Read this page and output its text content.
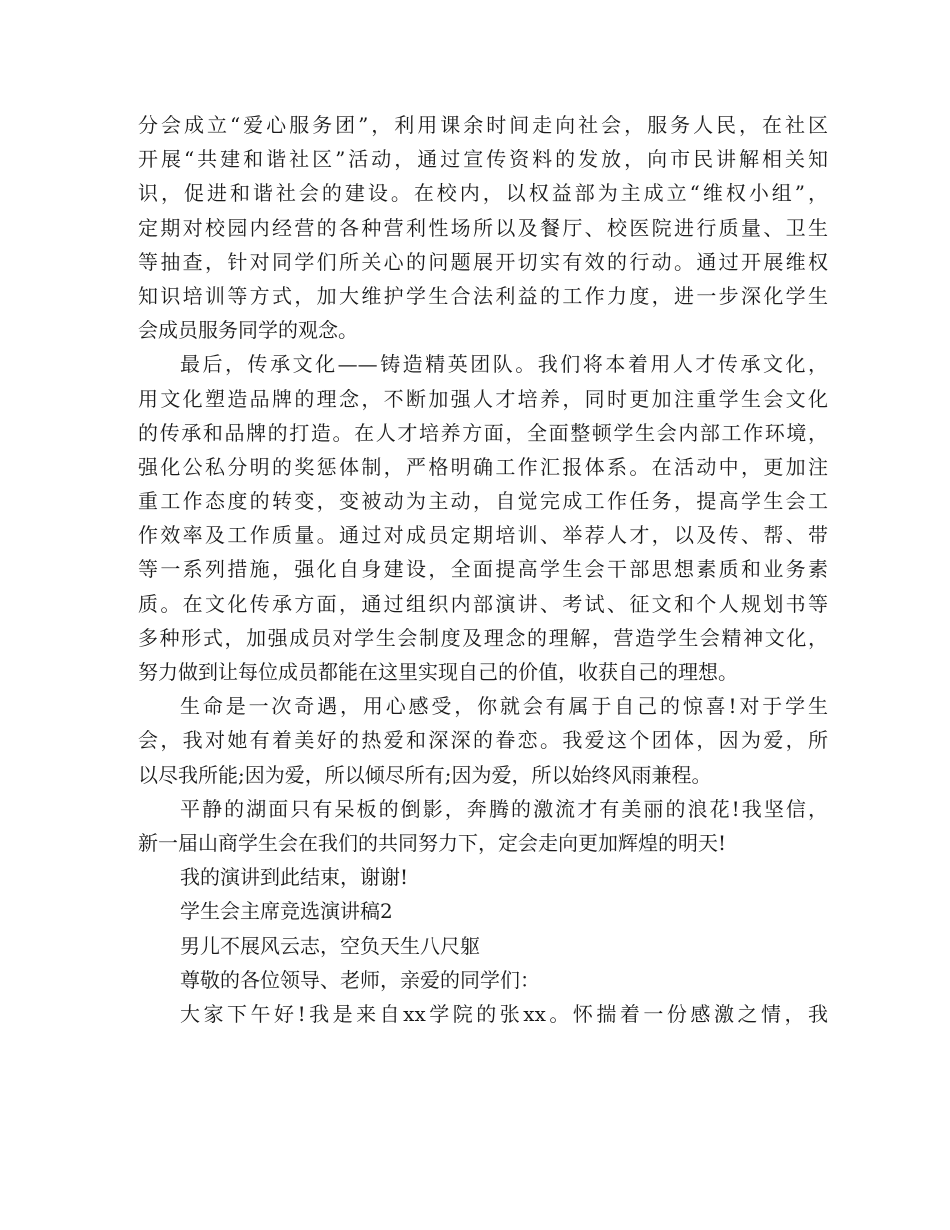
分会成立“爱心服务团”，利用课余时间走向社会，服务人民，在社区
开展“共建和谐社区”活动，通过宣传资料的发放，向市民讲解相关知
识，促进和谐社会的建设。在校内，以权益部为主成立“维权小组”，
定期对校园内经营的各种营利性场所以及餐厅、校医院进行质量、卫生
等抽查，针对同学们所关心的问题展开切实有效的行动。通过开展维权
知识培训等方式，加大维护学生合法利益的工作力度，进一步深化学生
会成员服务同学的观念。
最后，传承文化——铸造精英团队。我们将本着用人才传承文化，
用文化塑造品牌的理念，不断加强人才培养，同时更加注重学生会文化
的传承和品牌的打造。在人才培养方面，全面整顿学生会内部工作环境，
强化公私分明的奖惩体制，严格明确工作汇报体系。在活动中，更加注
重工作态度的转变，变被动为主动，自觉完成工作任务，提高学生会工
作效率及工作质量。通过对成员定期培训、举荐人才，以及传、帮、带
等一系列措施，强化自身建设，全面提高学生会干部思想素质和业务素
质。在文化传承方面，通过组织内部演讲、考试、征文和个人规划书等
多种形式，加强成员对学生会制度及理念的理解，营造学生会精神文化，
努力做到让每位成员都能在这里实现自己的价值，收获自己的理想。
生命是一次奇遇，用心感受，你就会有属于自己的惊喜!对于学生
会，我对她有着美好的热爱和深深的眷恋。我爱这个团体，因为爱，所
以尽我所能;因为爱，所以倾尽所有;因为爱，所以始终风雨兼程。
平静的湖面只有呆板的倒影，奔腾的激流才有美丽的浪花!我坚信，
新一届山商学生会在我们的共同努力下，定会走向更加辉煌的明天!
我的演讲到此结束，谢谢!
学生会主席竞选演讲稿2
男儿不展风云志，空负天生八尺躯
尊敬的各位领导、老师，亲爱的同学们：
大家下午好!我是来自xx学院的张xx。怀揣着一份感激之情，我
